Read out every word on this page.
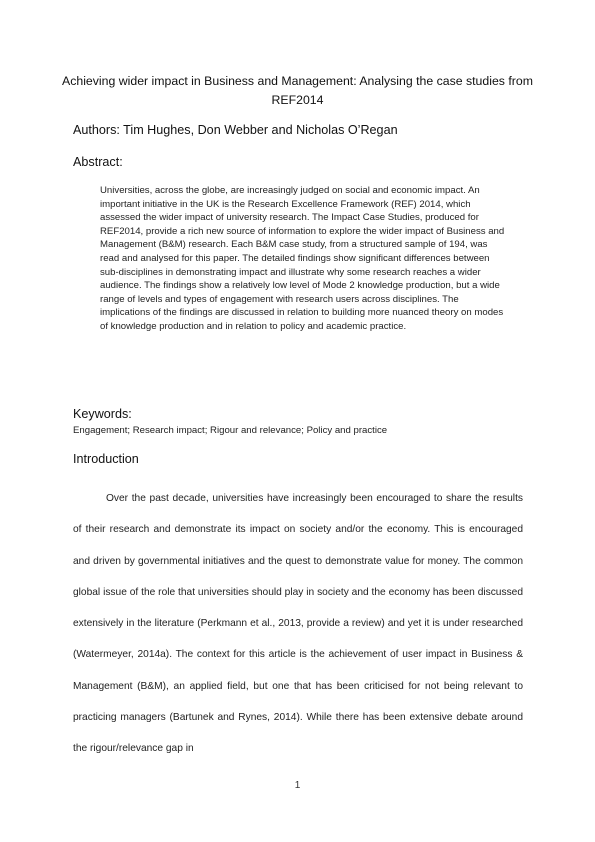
Achieving wider impact in Business and Management: Analysing the case studies from REF2014
Authors: Tim Hughes, Don Webber and Nicholas O’Regan
Abstract:

Universities, across the globe, are increasingly judged on social and economic impact. An important initiative in the UK is the Research Excellence Framework (REF) 2014, which assessed the wider impact of university research. The Impact Case Studies, produced for REF2014, provide a rich new source of information to explore the wider impact of Business and Management (B&M) research. Each B&M case study, from a structured sample of 194, was read and analysed for this paper. The detailed findings show significant differences between sub-disciplines in demonstrating impact and illustrate why some research reaches a wider audience. The findings show a relatively low level of Mode 2 knowledge production, but a wide range of levels and types of engagement with research users across disciplines. The implications of the findings are discussed in relation to building more nuanced theory on modes of knowledge production and in relation to policy and academic practice.

Keywords:
Engagement; Research impact; Rigour and relevance; Policy and practice
Introduction

Over the past decade, universities have increasingly been encouraged to share the results of their research and demonstrate its impact on society and/or the economy. This is encouraged and driven by governmental initiatives and the quest to demonstrate value for money. The common global issue of the role that universities should play in society and the economy has been discussed extensively in the literature (Perkmann et al., 2013, provide a review) and yet it is under researched (Watermeyer, 2014a). The context for this article is the achievement of user impact in Business & Management (B&M), an applied field, but one that has been criticised for not being relevant to practicing managers (Bartunek and Rynes, 2014). While there has been extensive debate around the rigour/relevance gap in

1
